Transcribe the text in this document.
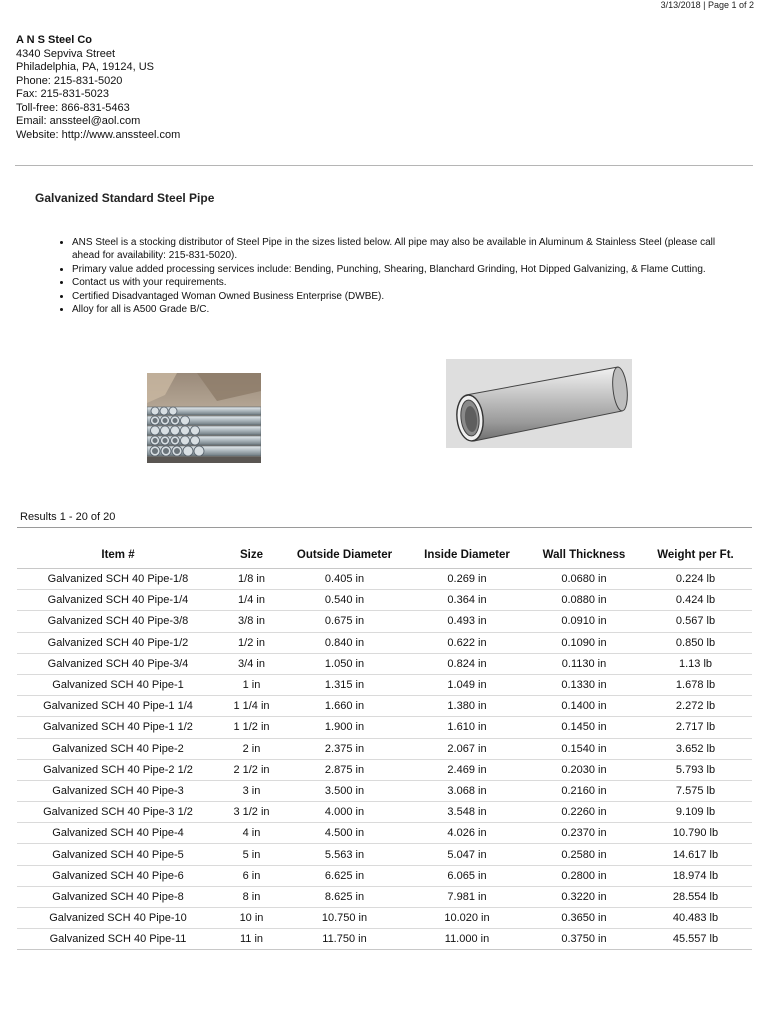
3/13/2018 | Page 1 of 2
A N S Steel Co
4340 Sepviva Street
Philadelphia, PA, 19124, US
Phone: 215-831-5020
Fax: 215-831-5023
Toll-free: 866-831-5463
Email: anssteel@aol.com
Website: http://www.anssteel.com
Galvanized Standard Steel Pipe
• ANS Steel is a stocking distributor of Steel Pipe in the sizes listed below. All pipe may also be available in Aluminum & Stainless Steel (please call ahead for availability: 215-831-5020).
• Primary value added processing services include: Bending, Punching, Shearing, Blanchard Grinding, Hot Dipped Galvanizing, & Flame Cutting.
• Contact us with your requirements.
• Certified Disadvantaged Woman Owned Business Enterprise (DWBE).
• Alloy for all is A500 Grade B/C.
Results 1 - 20 of 20
Item #	Size	Outside Diameter	Inside Diameter	Wall Thickness	Weight per Ft.
Galvanized SCH 40 Pipe-1/8	1/8 in	0.405 in	0.269 in	0.0680 in	0.224 lb
Galvanized SCH 40 Pipe-1/4	1/4 in	0.540 in	0.364 in	0.0880 in	0.424 lb
Galvanized SCH 40 Pipe-3/8	3/8 in	0.675 in	0.493 in	0.0910 in	0.567 lb
Galvanized SCH 40 Pipe-1/2	1/2 in	0.840 in	0.622 in	0.1090 in	0.850 lb
Galvanized SCH 40 Pipe-3/4	3/4 in	1.050 in	0.824 in	0.1130 in	1.13 lb
Galvanized SCH 40 Pipe-1	1 in	1.315 in	1.049 in	0.1330 in	1.678 lb
Galvanized SCH 40 Pipe-1 1/4	1 1/4 in	1.660 in	1.380 in	0.1400 in	2.272 lb
Galvanized SCH 40 Pipe-1 1/2	1 1/2 in	1.900 in	1.610 in	0.1450 in	2.717 lb
Galvanized SCH 40 Pipe-2	2 in	2.375 in	2.067 in	0.1540 in	3.652 lb
Galvanized SCH 40 Pipe-2 1/2	2 1/2 in	2.875 in	2.469 in	0.2030 in	5.793 lb
Galvanized SCH 40 Pipe-3	3 in	3.500 in	3.068 in	0.2160 in	7.575 lb
Galvanized SCH 40 Pipe-3 1/2	3 1/2 in	4.000 in	3.548 in	0.2260 in	9.109 lb
Galvanized SCH 40 Pipe-4	4 in	4.500 in	4.026 in	0.2370 in	10.790 lb
Galvanized SCH 40 Pipe-5	5 in	5.563 in	5.047 in	0.2580 in	14.617 lb
Galvanized SCH 40 Pipe-6	6 in	6.625 in	6.065 in	0.2800 in	18.974 lb
Galvanized SCH 40 Pipe-8	8 in	8.625 in	7.981 in	0.3220 in	28.554 lb
Galvanized SCH 40 Pipe-10	10 in	10.750 in	10.020 in	0.3650 in	40.483 lb
Galvanized SCH 40 Pipe-11	11 in	11.750 in	11.000 in	0.3750 in	45.557 lb
